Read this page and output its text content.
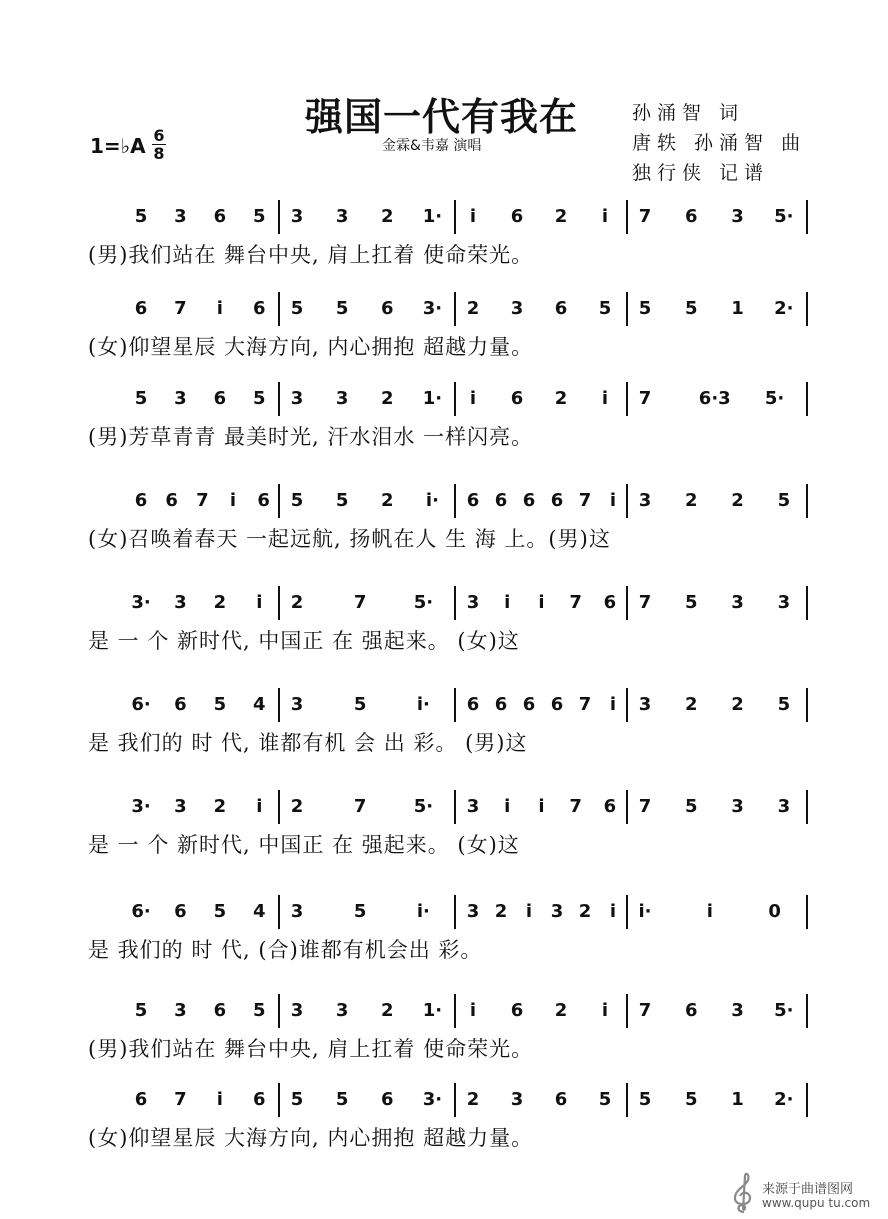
强国一代有我在
金霖&韦嘉 演唱
孙涌智 词
唐轶 孙涌智 曲
独行侠 记谱
1=♭A 6
8
5 3 6 5 3 3 2 1·	i	6 2	i	7 6 3 5·
(男)我们站在 舞台中央, 肩上扛着 使命荣光。
6 7	i	6 5 5 6 3· 2 3 6 5 5 5 1 2·
(女)仰望星辰 大海方向, 内心拥抱 超越力量。
5 3 6 5 3 3 2 1·	i	6 2	i	7	6·3 5·
(男)芳草青青 最美时光, 汗水泪水 一样闪亮。
6 6 7	i	6 5 5 2 i· 6 6 6 6 7	i	3 2 2 5
(女)召唤着春天 一起远航, 扬帆在人 生 海 上。(男)这
3· 3 2	i	2	7	5· 3	i	i	7 6 7 5 3 3
是 一 个 新时代, 中国正 在 强起来。 (女)这
6· 6 5 4 3	5	i· 6 6 6 6 7	i	3 2 2 5
是 我们的 时 代, 谁都有机 会 出 彩。 (男)这
3· 3 2	i	2	7	5· 3	i	i	7 6 7 5 3 3
是 一 个 新时代, 中国正 在 强起来。 (女)这
6· 6 5 4 3	5	i· 3 2	i	3 2	i	i·	i	0
是 我们的 时 代, (合)谁都有机会出 彩。
5 3 6 5 3 3 2 1·	i	6 2	i	7 6 3 5·
(男)我们站在 舞台中央, 肩上扛着 使命荣光。
6 7	i	6 5 5 6 3· 2 3 6 5 5 5 1 2·
(女)仰望星辰 大海方向, 内心拥抱 超越力量。
来源于曲谱图网
www.qupu tu.com
